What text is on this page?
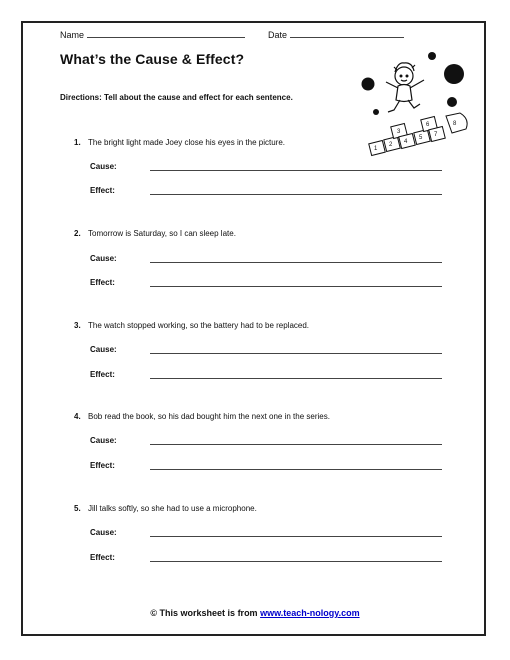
Name	Date
What’s the Cause & Effect?
Directions: Tell about the cause and effect for each sentence.
1. The bright light made Joey close his eyes in the picture.
Cause:
Effect:
2. Tomorrow is Saturday, so I can sleep late.
Cause:
Effect:
3. The watch stopped working, so the battery had to be replaced.
Cause:
Effect:
4. Bob read the book, so his dad bought him the next one in the series.
Cause:
Effect:
5. Jill talks softly, so she had to use a microphone.
Cause:
Effect:
1
2
3
4
5
6
7
8
© This worksheet is from www.teach-nology.com
